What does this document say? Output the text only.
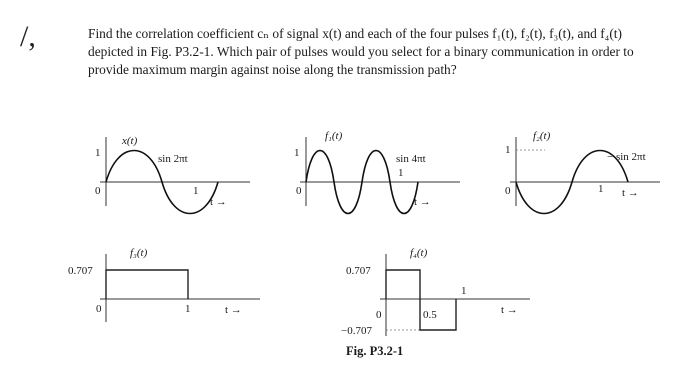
/,	Find the correlation coefficient cₙ of signal x(t) and each of the four pulses f₁(t), f₂(t), f₃(t), and f₄(t) depicted in Fig. P3.2-1. Which pair of pulses would you select for a binary communication in order to provide maximum margin against noise along the transmission path?
x(t)
sin 2πt
1
0	1
t →
f₁(t)
sin 4πt
1
0
1
t →
f₂(t)
− sin 2πt
1
0	1 t →
f₃(t)
0.707
0	1	t →
f₄(t)
0.707
−0.707
0	0.5
1
t →
Fig. P3.2-1
